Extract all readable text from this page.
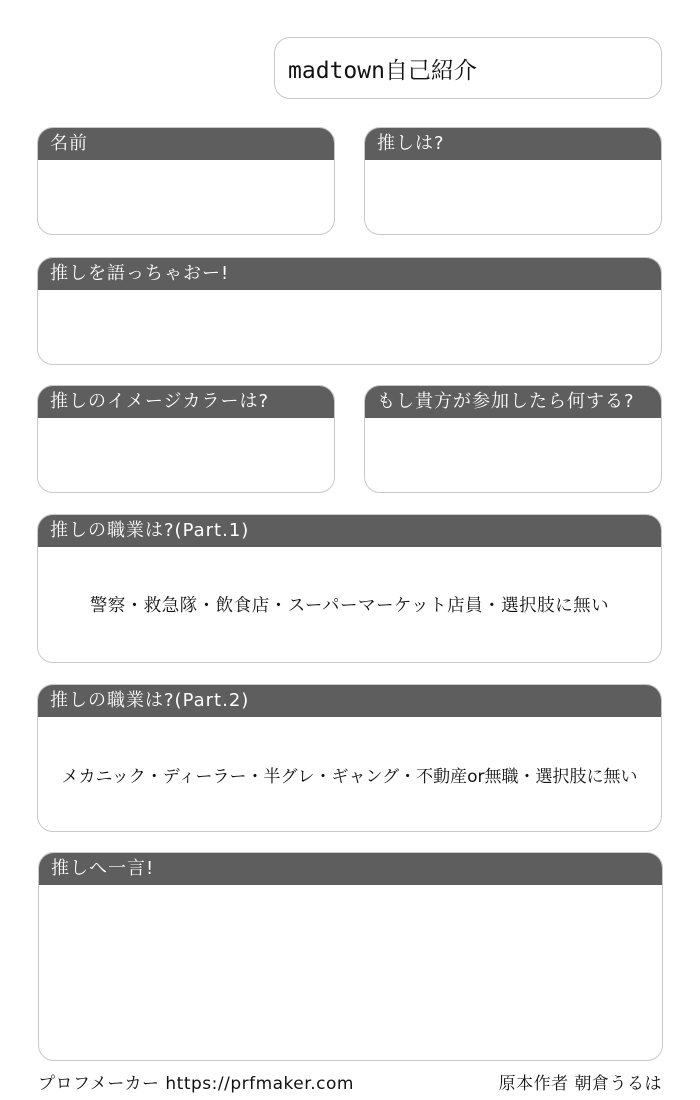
madtown自己紹介
名前	推しは?
推しを語っちゃおー!
推しのイメージカラーは?	もし貴方が参加したら何する?
推しの職業は?(Part.1)
警察・救急隊・飲食店・スーパーマーケット店員・選択肢に無い
推しの職業は?(Part.2)
メカニック・ディーラー・半グレ・ギャング・不動産or無職・選択肢に無い
推しへ一言!
プロフメーカー https://prfmaker.com	原本作者 朝倉うるは
